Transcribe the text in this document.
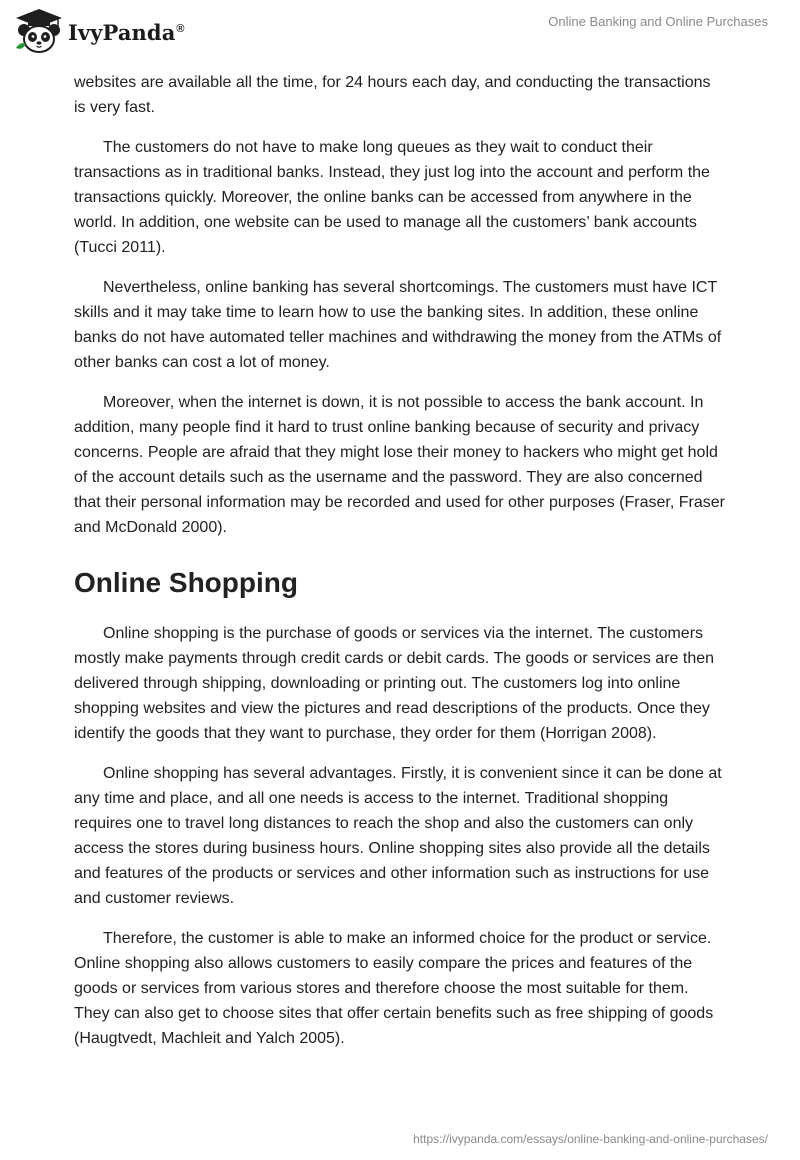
IvyPanda®	Online Banking and Online Purchases

websites are available all the time, for 24 hours each day, and conducting the transactions is very fast.

The customers do not have to make long queues as they wait to conduct their transactions as in traditional banks. Instead, they just log into the account and perform the transactions quickly. Moreover, the online banks can be accessed from anywhere in the world. In addition, one website can be used to manage all the customers’ bank accounts (Tucci 2011).

Nevertheless, online banking has several shortcomings. The customers must have ICT skills and it may take time to learn how to use the banking sites. In addition, these online banks do not have automated teller machines and withdrawing the money from the ATMs of other banks can cost a lot of money.

Moreover, when the internet is down, it is not possible to access the bank account. In addition, many people find it hard to trust online banking because of security and privacy concerns. People are afraid that they might lose their money to hackers who might get hold of the account details such as the username and the password. They are also concerned that their personal information may be recorded and used for other purposes (Fraser, Fraser and McDonald 2000).

Online Shopping

Online shopping is the purchase of goods or services via the internet. The customers mostly make payments through credit cards or debit cards. The goods or services are then delivered through shipping, downloading or printing out. The customers log into online shopping websites and view the pictures and read descriptions of the products. Once they identify the goods that they want to purchase, they order for them (Horrigan 2008).

Online shopping has several advantages. Firstly, it is convenient since it can be done at any time and place, and all one needs is access to the internet. Traditional shopping requires one to travel long distances to reach the shop and also the customers can only access the stores during business hours. Online shopping sites also provide all the details and features of the products or services and other information such as instructions for use and customer reviews.

Therefore, the customer is able to make an informed choice for the product or service. Online shopping also allows customers to easily compare the prices and features of the goods or services from various stores and therefore choose the most suitable for them. They can also get to choose sites that offer certain benefits such as free shipping of goods (Haugtvedt, Machleit and Yalch 2005).

https://ivypanda.com/essays/online-banking-and-online-purchases/
